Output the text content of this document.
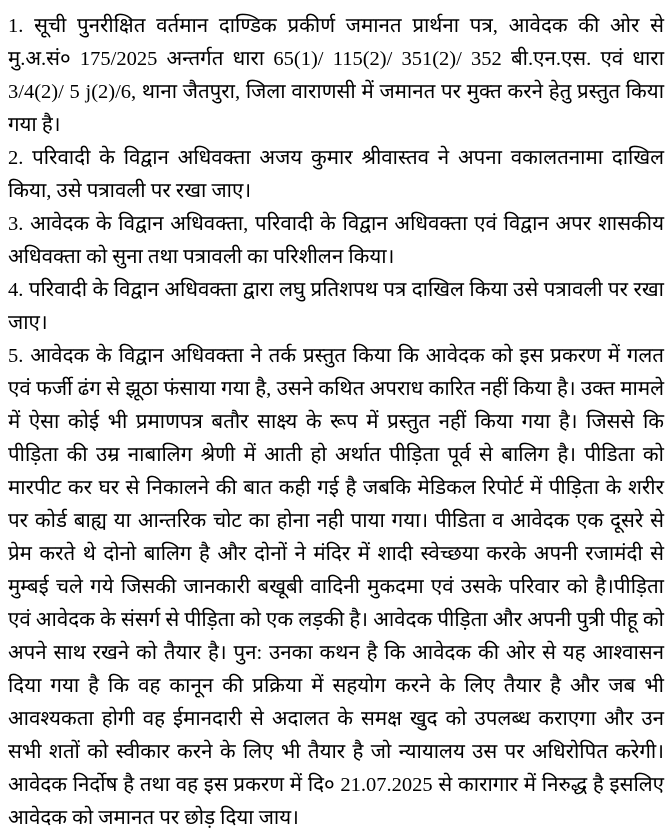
1. सूची पुनरीक्षित वर्तमान दाण्डिक प्रकीर्ण जमानत प्रार्थना पत्र, आवेदक की ओर से मु.अ.सं० 175/2025 अन्तर्गत धारा 65(1)/ 115(2)/ 351(2)/ 352 बी.एन.एस. एवं धारा 3/4(2)/ 5 j(2)/6, थाना जैतपुरा, जिला वाराणसी में जमानत पर मुक्त करने हेतु प्रस्तुत किया गया है।

2. परिवादी के विद्वान अधिवक्ता अजय कुमार श्रीवास्तव ने अपना वकालतनामा दाखिल किया, उसे पत्रावली पर रखा जाए।

3. आवेदक के विद्वान अधिवक्ता, परिवादी के विद्वान अधिवक्ता एवं विद्वान अपर शासकीय अधिवक्ता को सुना तथा पत्रावली का परिशीलन किया।

4. परिवादी के विद्वान अधिवक्ता द्वारा लघु प्रतिशपथ पत्र दाखिल किया उसे पत्रावली पर रखा जाए।

5. आवेदक के विद्वान अधिवक्ता ने तर्क प्रस्तुत किया कि आवेदक को इस प्रकरण में गलत एवं फर्जी ढंग से झूठा फंसाया गया है, उसने कथित अपराध कारित नहीं किया है। उक्त मामले में ऐसा कोई भी प्रमाणपत्र बतौर साक्ष्य के रूप में प्रस्तुत नहीं किया गया है। जिससे कि पीड़िता की उम्र नाबालिग श्रेणी में आती हो अर्थात पीड़िता पूर्व से बालिग है। पीडिता को मारपीट कर घर से निकालने की बात कही गई है जबकि मेडिकल रिपोर्ट में पीड़िता के शरीर पर कोर्ड बाह्य या आन्तरिक चोट का होना नही पाया गया। पीडिता व आवेदक एक दूसरे से प्रेम करते थे दोनो बालिग है और दोनों ने मंदिर में शादी स्वेच्छया करके अपनी रजामंदी से मुम्बई चले गये जिसकी जानकारी बखूबी वादिनी मुकदमा एवं उसके परिवार को है।पीड़िता एवं आवेदक के संसर्ग से पीड़िता को एक लड़की है। आवेदक पीड़िता और अपनी पुत्री पीहू को अपने साथ रखने को तैयार है। पुन: उनका कथन है कि आवेदक की ओर से यह आश्वासन दिया गया है कि वह कानून की प्रक्रिया में सहयोग करने के लिए तैयार है और जब भी आवश्यकता होगी वह ईमानदारी से अदालत के समक्ष खुद को उपलब्ध कराएगा और उन सभी शतों को स्वीकार करने के लिए भी तैयार है जो न्यायालय उस पर अधिरोपित करेगी। आवेदक निर्दोष है तथा वह इस प्रकरण में दि० 21.07.2025 से कारागार में निरुद्ध है इसलिए आवेदक को जमानत पर छोड़ दिया जाय।
